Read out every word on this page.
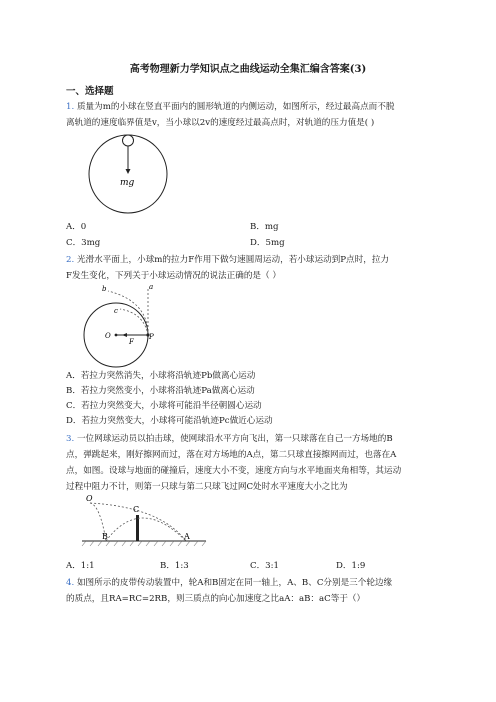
高考物理新力学知识点之曲线运动全集汇编含答案(3)
一、选择题
1. 质量为m的小球在竖直平面内的圆形轨道的内侧运动，如图所示，经过最高点而不脱
离轨道的速度临界值是v，当小球以2v的速度经过最高点时，对轨道的压力值是( )
mg
A．0	B．mg
C．3mg	D．5mg
2. 光滑水平面上，小球m的拉力F作用下做匀速圆周运动，若小球运动到P点时，拉力
F发生变化，下列关于小球运动情况的说法正确的是（ ）
a
b
c
O	P
F
A．若拉力突然消失，小球将沿轨迹Pb做离心运动
B．若拉力突然变小，小球将沿轨迹Pa做离心运动
C．若拉力突然变大，小球将可能沿半径朝圆心运动
D．若拉力突然变大，小球将可能沿轨迹Pc做近心运动
3. 一位网球运动员以拍击球，使网球沿水平方向飞出，第一只球落在自己一方场地的B
点，弹跳起来，刚好擦网而过，落在对方场地的A点，第二只球直接擦网而过，也落在A
点，如图。设球与地面的碰撞后，速度大小不变，速度方向与水平地面夹角相等，其运动
过程中阻力不计，则第一只球与第二只球飞过网C处时水平速度大小之比为
O
B
C
A
A．1:1	B．1:3	C．3:1	D．1:9
4. 如图所示的皮带传动装置中，轮A和B固定在同一轴上，A、B、C分别是三个轮边缘
的质点，且RA=RC=2RB，则三质点的向心加速度之比aA：aB：aC等于（）
